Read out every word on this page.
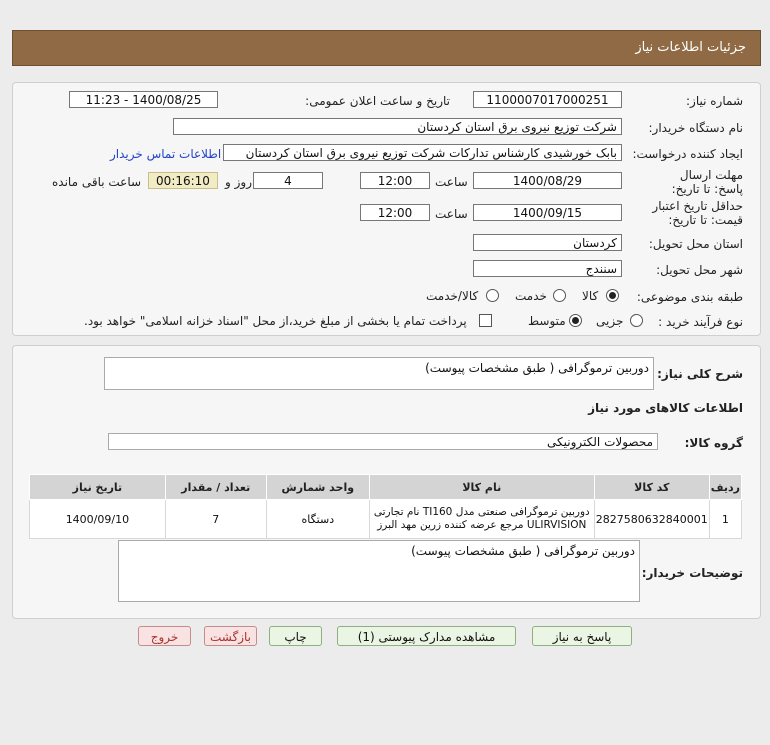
جزئیات اطلاعات نیاز
شماره نیاز:
1100007017000251
تاریخ و ساعت اعلان عمومی:
1400/08/25 - 11:23
نام دستگاه خریدار:
شرکت توزیع نیروی برق استان کردستان
ایجاد کننده درخواست:
بابک خورشیدی کارشناس تدارکات شرکت توزیع نیروی برق استان کردستان
اطلاعات تماس خریدار
مهلت ارسال پاسخ: تا تاریخ:
1400/08/29
ساعت
12:00
4
روز و
00:16:10
ساعت باقی مانده
حداقل تاریخ اعتبار قیمت: تا تاریخ:
1400/09/15
ساعت
12:00
استان محل تحویل:
کردستان
شهر محل تحویل:
سنندج
طبقه بندی موضوعی:
کالا
خدمت
کالا/خدمت
نوع فرآیند خرید :
جزیی
متوسط
پرداخت تمام یا بخشی از مبلغ خرید،از محل "اسناد خزانه اسلامی" خواهد بود.
شرح کلی نیاز:
دوربین ترموگرافی ( طبق مشخصات پیوست)
اطلاعات کالاهای مورد نیاز
گروه کالا:
محصولات الکترونیکی
ردیف	کد کالا	نام کالا	واحد شمارش	تعداد / مقدار	تاریخ نیاز
1	2827580632840001	دوربین ترموگرافی صنعتی مدل TI160 نام تجارتی ULIRVISION مرجع عرضه کننده زرین مهد البرز	دستگاه	7	1400/09/10
توضیحات خریدار:
دوربین ترموگرافی ( طبق مشخصات پیوست)
پاسخ به نیاز
مشاهده مدارک پیوستی (1)
چاپ
بازگشت
خروج
